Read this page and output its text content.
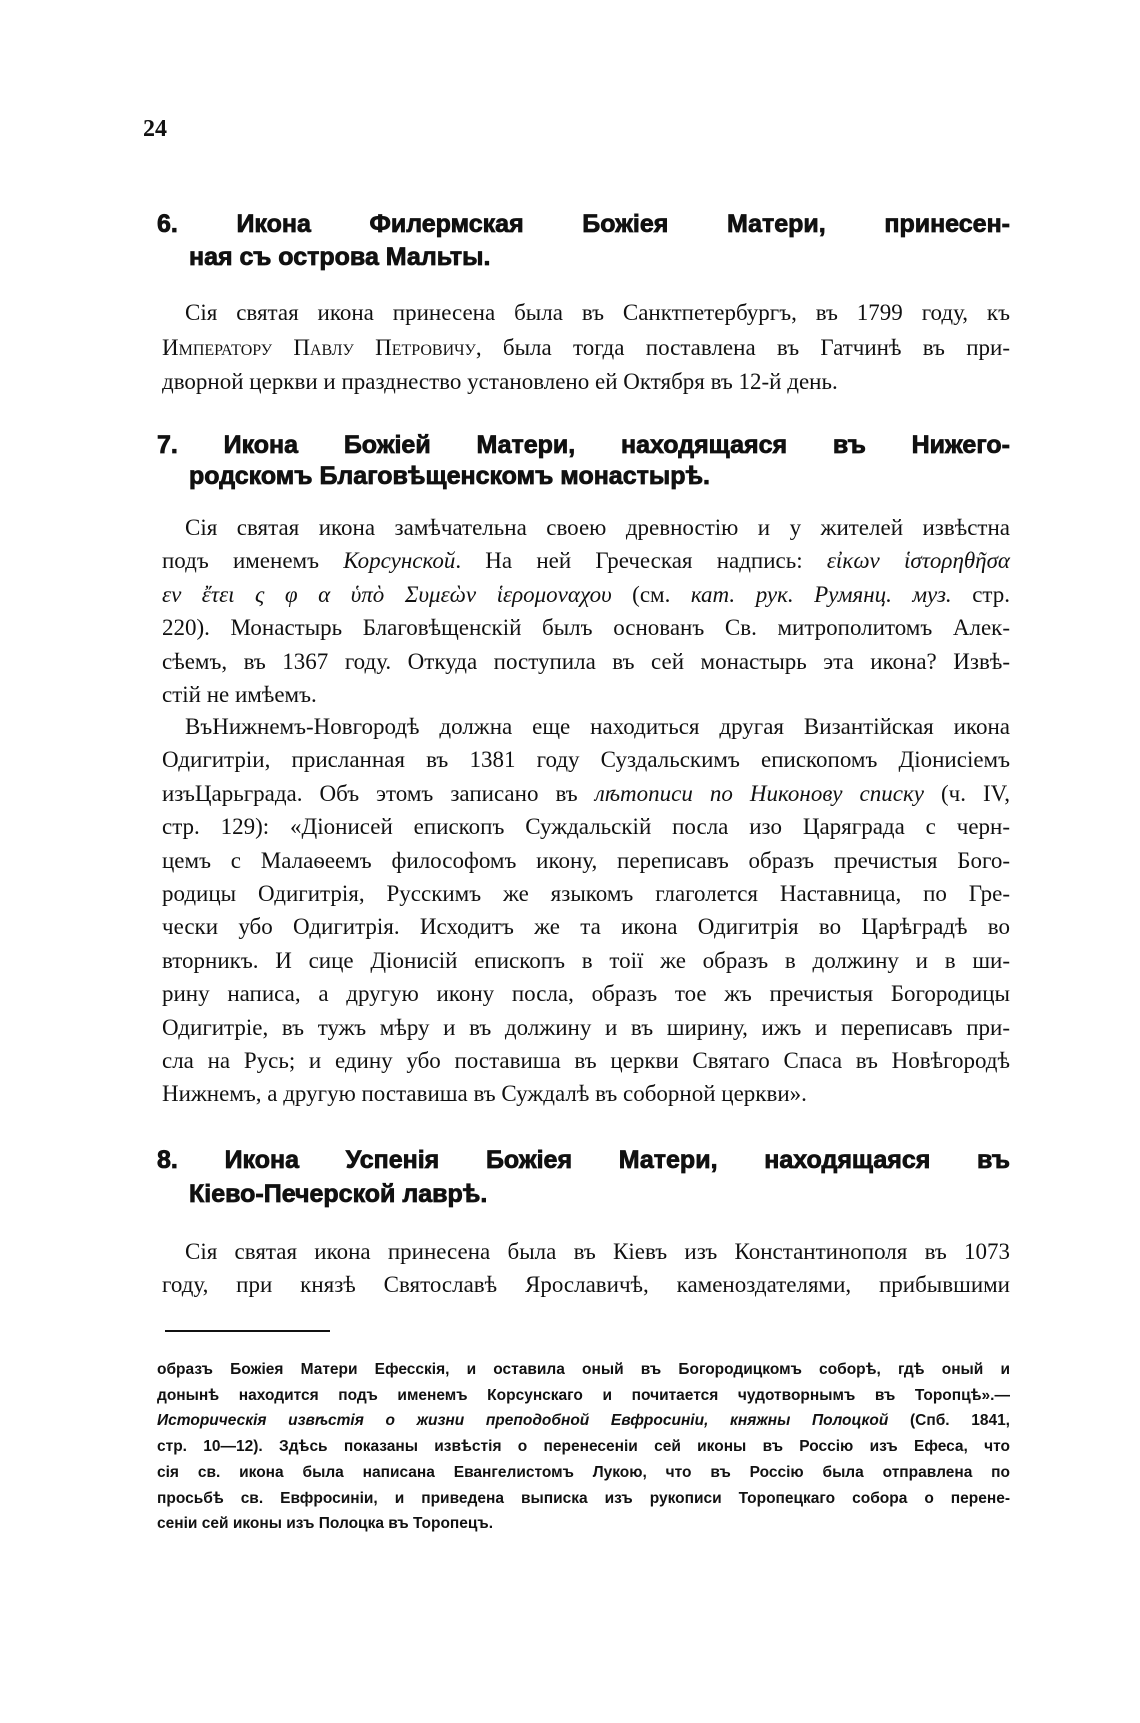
24
6. Икона Филермская Божіея Матери, принесен-
ная съ острова Мальты.
Сія святая икона принесена была въ Санктпетербургъ, въ 1799 году, къ
Императору Павлу Петровичу, была тогда поставлена въ Гатчинѣ въ при-
дворной церкви и празднество установлено ей Октября въ 12-й день.
7. Икона Божіей Матери, находящаяся въ Нижего-
родскомъ Благовѣщенскомъ монастырѣ.
Сія святая икона замѣчательна своею древностію и у жителей извѣстна
подъ именемъ Корсунской. На ней Греческая надпись: εἰκων ἱστορηθῆσα
εν ἔτει ς φ α ὑπὸ Συμεὼν ἱερομοναχου (см. кат. рук. Румянц. муз. стр.
220). Монастырь Благовѣщенскій былъ основанъ Св. митрополитомъ Алек-
сѣемъ, въ 1367 году. Откуда поступила въ сей монастырь эта икона? Извѣ-
стій не имѣемъ.
ВъНижнемъ-Новгородѣ должна еще находиться другая Византійская икона
Одигитріи, присланная въ 1381 году Суздальскимъ епископомъ Діонисіемъ
изъЦарьграда. Объ этомъ записано въ лѣтописи по Никонову списку (ч. IV,
стр. 129): «Діонисей епископъ Суждальскій посла изо Царяграда с черн-
цемъ с Малаѳеемъ философомъ икону, переписавъ образъ пречистыя Бого-
родицы Одигитрія, Русскимъ же языкомъ глаголется Наставница, по Гре-
чески убо Одигитрія. Исходитъ же та икона Одигитрія во Царѣградѣ во
вторникъ. И сице Діонисій епископъ в тоії же образъ в должину и в ши-
рину написа, а другую икону посла, образъ тое жъ пречистыя Богородицы
Одигитріе, въ тужъ мѣру и въ должину и въ ширину, ижъ и переписавъ при-
сла на Русь; и едину убо поставиша въ церкви Святаго Спаса въ Новѣгородѣ
Нижнемъ, а другую поставиша въ Суждалѣ въ соборной церкви».
8. Икона Успенія Божіея Матери, находящаяся въ
Кіево-Печерской лаврѣ.
Сія святая икона принесена была въ Кіевъ изъ Константинополя въ 1073
году, при князѣ Святославѣ Ярославичѣ, каменоздателями, прибывшими
образъ Божіея Матери Ефесскія, и оставила оный въ Богородицкомъ соборѣ, гдѣ оный и
донынѣ находится подъ именемъ Корсунскаго и почитается чудотворнымъ въ Торопцѣ».—
Историческія извѣстія о жизни преподобной Евфросиніи, княжны Полоцкой (Спб. 1841,
стр. 10—12). Здѣсь показаны извѣстія о перенесеніи сей иконы въ Россію изъ Ефеса, что
сія св. икона была написана Евангелистомъ Лукою, что въ Россію была отправлена по
просьбѣ св. Евфросиніи, и приведена выписка изъ рукописи Торопецкаго собора о перене-
сеніи сей иконы изъ Полоцка въ Торопецъ.
